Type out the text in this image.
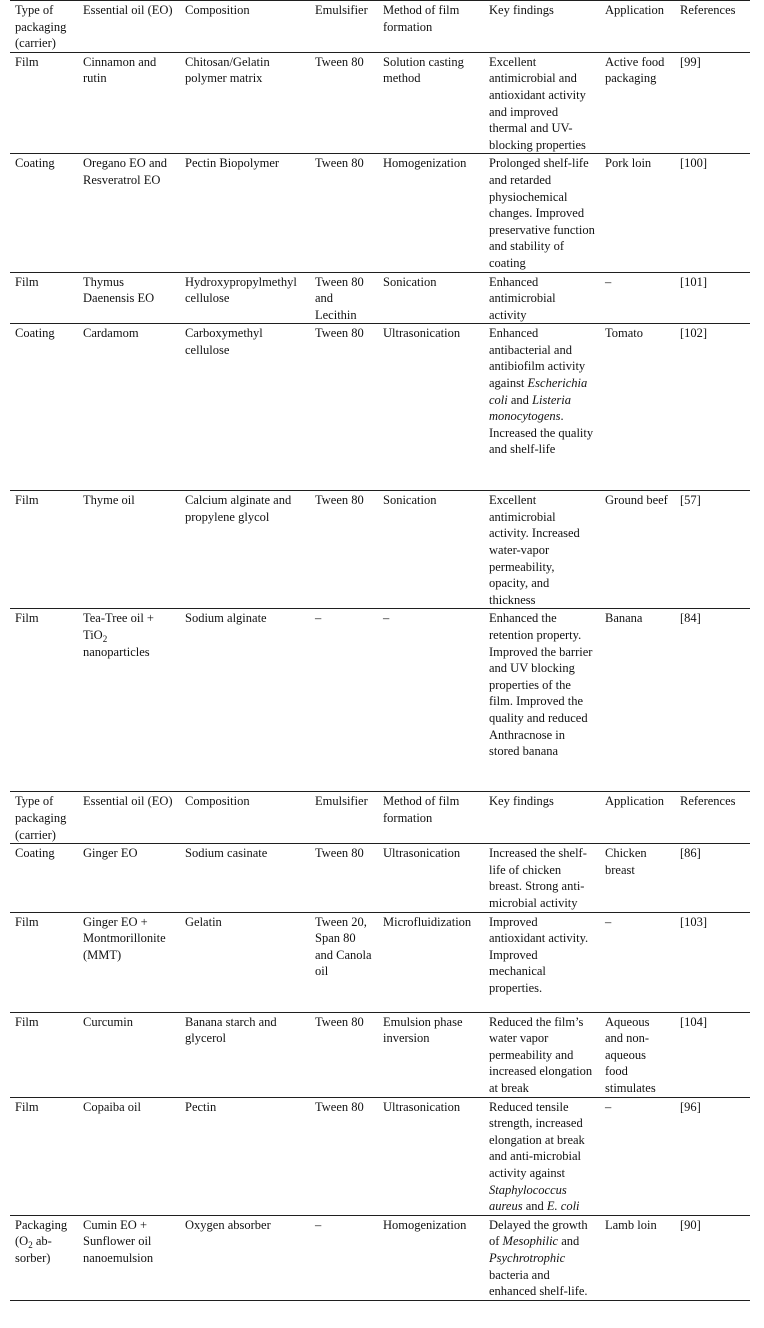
Type of packaging (carrier)	Essential oil (EO)	Composition	Emulsifier	Method of film formation	Key findings	Application	References
Film	Cinnamon and rutin	Chitosan/Gelatin polymer matrix	Tween 80	Solution casting method	Excellent antimicrobial and antioxidant activity and improved thermal and UV-blocking properties	Active food packaging	[99]
Coating	Oregano EO and Resveratrol EO	Pectin Biopolymer	Tween 80	Homogenization	Prolonged shelf-life and retarded physiochemical changes. Improved preservative function and stability of coating	Pork loin	[100]
Film	Thymus Daenensis EO	Hydroxypropylmethyl cellulose	Tween 80 and Lecithin	Sonication	Enhanced antimicrobial activity	–	[101]
Coating	Cardamom	Carboxymethyl cellulose	Tween 80	Ultrasonication	Enhanced antibacterial and antibiofilm activity against Escherichia coli and Listeria monocytogens. Increased the quality and shelf-life	Tomato	[102]
Film	Thyme oil	Calcium alginate and propylene glycol	Tween 80	Sonication	Excellent antimicrobial activity. Increased water-vapor permeability, opacity, and thickness	Ground beef	[57]
Film	Tea-Tree oil + TiO$_2$ nanoparticles	Sodium alginate	–	–	Enhanced the retention property. Improved the barrier and UV blocking properties of the film. Improved the quality and reduced Anthracnose in stored banana	Banana	[84]
Type of packaging (carrier)	Essential oil (EO)	Composition	Emulsifier	Method of film formation	Key findings	Application	References
Coating	Ginger EO	Sodium casinate	Tween 80	Ultrasonication	Increased the shelf-life of chicken breast. Strong anti-microbial activity	Chicken breast	[86]
Film	Ginger EO + Montmorillonite (MMT)	Gelatin	Tween 20, Span 80 and Canola oil	Microfluidization	Improved antioxidant activity. Improved mechanical properties.	–	[103]
Film	Curcumin	Banana starch and glycerol	Tween 80	Emulsion phase inversion	Reduced the film’s water vapor permeability and increased elongation at break	Aqueous and non-aqueous food stimulates	[104]
Film	Copaiba oil	Pectin	Tween 80	Ultrasonication	Reduced tensile strength, increased elongation at break and anti-microbial activity against Staphylococcus aureus and E. coli	–	[96]
Packaging ($O_2$ ab-sorber)	Cumin EO + Sunflower oil nanoemulsion	Oxygen absorber	–	Homogenization	Delayed the growth of Mesophilic and Psychrotrophic bacteria and enhanced shelf-life.	Lamb loin	[90]
